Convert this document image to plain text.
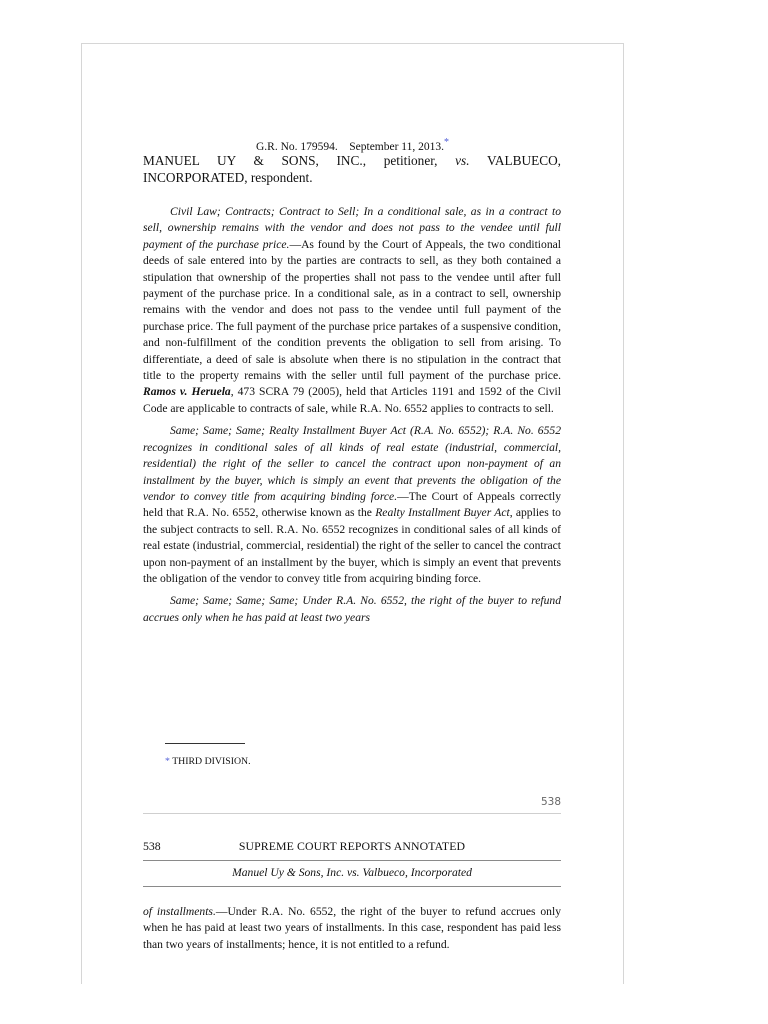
G.R. No. 179594. September 11, 2013.*
MANUEL UY & SONS, INC., petitioner, vs. VALBUECO, INCORPORATED, respondent.

Civil Law; Contracts; Contract to Sell; In a conditional sale, as in a contract to sell, ownership remains with the vendor and does not pass to the vendee until full payment of the purchase price.—As found by the Court of Appeals, the two conditional deeds of sale entered into by the parties are contracts to sell, as they both contained a stipulation that ownership of the properties shall not pass to the vendee until after full payment of the purchase price. In a conditional sale, as in a contract to sell, ownership remains with the vendor and does not pass to the vendee until full payment of the purchase price. The full payment of the purchase price partakes of a suspensive condition, and non-fulfillment of the condition prevents the obligation to sell from arising. To differentiate, a deed of sale is absolute when there is no stipulation in the contract that title to the property remains with the seller until full payment of the purchase price. Ramos v. Heruela, 473 SCRA 79 (2005), held that Articles 1191 and 1592 of the Civil Code are applicable to contracts of sale, while R.A. No. 6552 applies to contracts to sell.

Same; Same; Same; Realty Installment Buyer Act (R.A. No. 6552); R.A. No. 6552 recognizes in conditional sales of all kinds of real estate (industrial, commercial, residential) the right of the seller to cancel the contract upon non-payment of an installment by the buyer, which is simply an event that prevents the obligation of the vendor to convey title from acquiring binding force.—The Court of Appeals correctly held that R.A. No. 6552, otherwise known as the Realty Installment Buyer Act, applies to the subject contracts to sell. R.A. No. 6552 recognizes in conditional sales of all kinds of real estate (industrial, commercial, residential) the right of the seller to cancel the contract upon non-payment of an installment by the buyer, which is simply an event that prevents the obligation of the vendor to convey title from acquiring binding force.

Same; Same; Same; Same; Under R.A. No. 6552, the right of the buyer to refund accrues only when he has paid at least two years

* THIRD DIVISION.
538
538	SUPREME COURT REPORTS ANNOTATED
Manuel Uy & Sons, Inc. vs. Valbueco, Incorporated

of installments.—Under R.A. No. 6552, the right of the buyer to refund accrues only when he has paid at least two years of installments. In this case, respondent has paid less than two years of installments; hence, it is not entitled to a refund.
